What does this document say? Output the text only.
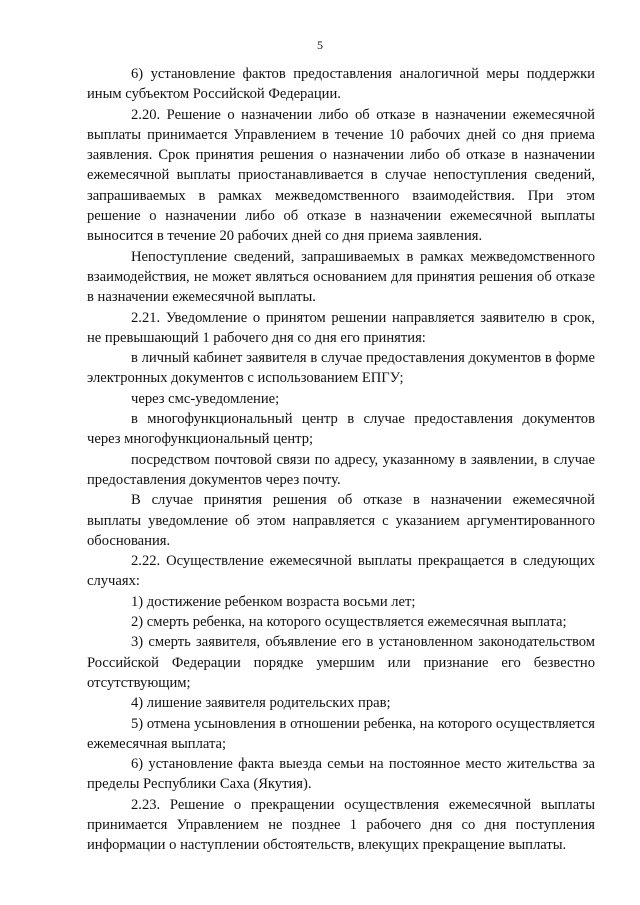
5

6) установление фактов предоставления аналогичной меры поддержки иным субъектом Российской Федерации.

2.20. Решение о назначении либо об отказе в назначении ежемесячной выплаты принимается Управлением в течение 10 рабочих дней со дня приема заявления. Срок принятия решения о назначении либо об отказе в назначении ежемесячной выплаты приостанавливается в случае непоступления сведений, запрашиваемых в рамках межведомственного взаимодействия. При этом решение о назначении либо об отказе в назначении ежемесячной выплаты выносится в течение 20 рабочих дней со дня приема заявления.

Непоступление сведений, запрашиваемых в рамках межведомственного взаимодействия, не может являться основанием для принятия решения об отказе в назначении ежемесячной выплаты.

2.21. Уведомление о принятом решении направляется заявителю в срок, не превышающий 1 рабочего дня со дня его принятия:

в личный кабинет заявителя в случае предоставления документов в форме электронных документов с использованием ЕПГУ;

через смс-уведомление;

в многофункциональный центр в случае предоставления документов через многофункциональный центр;

посредством почтовой связи по адресу, указанному в заявлении, в случае предоставления документов через почту.

В случае принятия решения об отказе в назначении ежемесячной выплаты уведомление об этом направляется с указанием аргументированного обоснования.

2.22. Осуществление ежемесячной выплаты прекращается в следующих случаях:

1) достижение ребенком возраста восьми лет;

2) смерть ребенка, на которого осуществляется ежемесячная выплата;

3) смерть заявителя, объявление его в установленном законодательством Российской Федерации порядке умершим или признание его безвестно отсутствующим;

4) лишение заявителя родительских прав;

5) отмена усыновления в отношении ребенка, на которого осуществляется ежемесячная выплата;

6) установление факта выезда семьи на постоянное место жительства за пределы Республики Саха (Якутия).

2.23. Решение о прекращении осуществления ежемесячной выплаты принимается Управлением не позднее 1 рабочего дня со дня поступления информации о наступлении обстоятельств, влекущих прекращение выплаты.
